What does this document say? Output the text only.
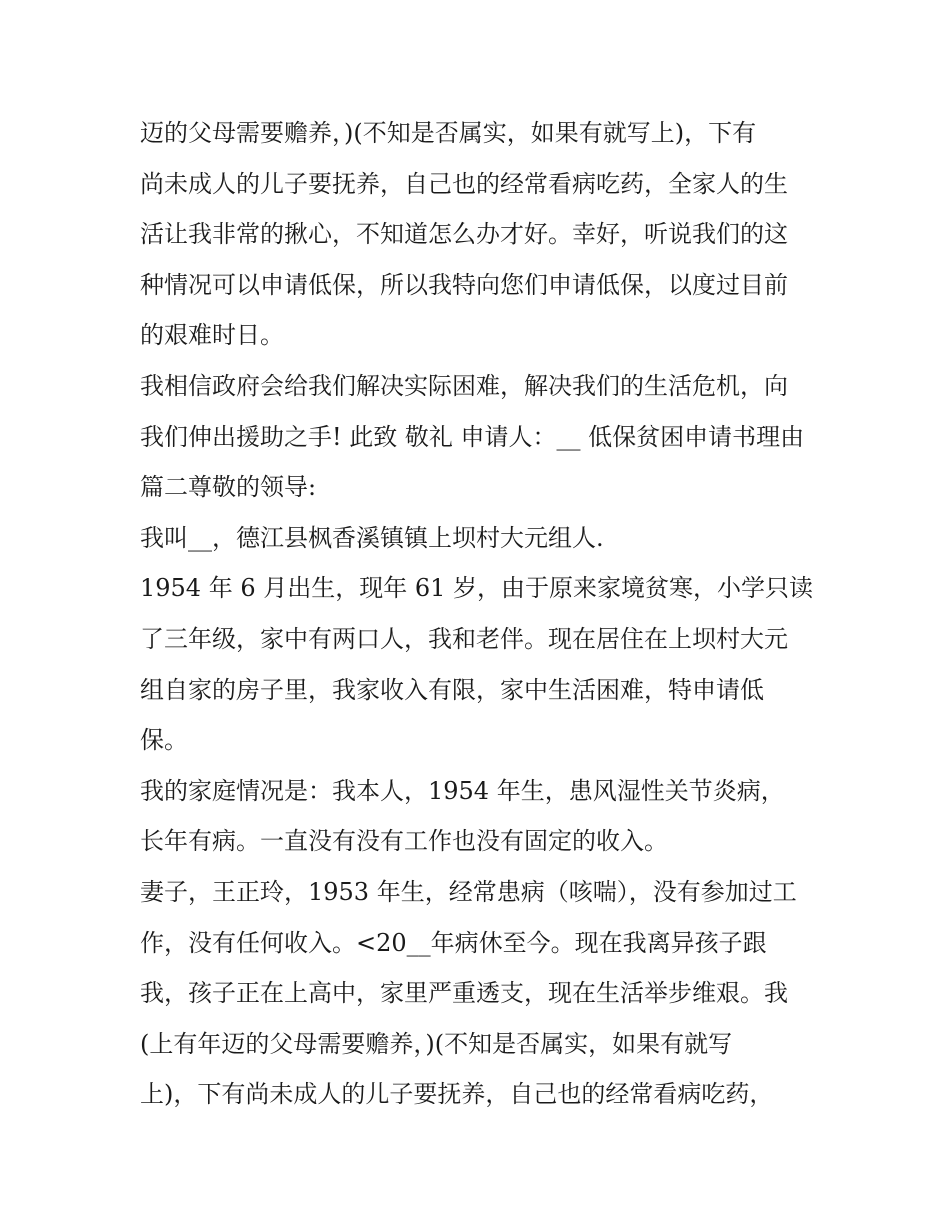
迈的父母需要赡养，)(不知是否属实，如果有就写上)，下有
尚未成人的儿子要抚养，自己也的经常看病吃药，全家人的生
活让我非常的揪心，不知道怎么办才好。幸好，听说我们的这
种情况可以申请低保，所以我特向您们申请低保，以度过目前
的艰难时日。
我相信政府会给我们解决实际困难，解决我们的生活危机，向
我们伸出援助之手! 此致 敬礼 申请人：__ 低保贫困申请书理由
篇二尊敬的领导:
我叫__，德江县枫香溪镇镇上坝村大元组人.
1954 年 6 月出生，现年 61 岁，由于原来家境贫寒，小学只读
了三年级，家中有两口人，我和老伴。现在居住在上坝村大元
组自家的房子里，我家收入有限，家中生活困难，特申请低
保。
我的家庭情况是：我本人，1954 年生，患风湿性关节炎病，
长年有病。一直没有没有工作也没有固定的收入。
妻子，王正玲，1953 年生，经常患病（咳喘），没有参加过工
作，没有任何收入。<20__年病休至今。现在我离异孩子跟
我，孩子正在上高中，家里严重透支，现在生活举步维艰。我
(上有年迈的父母需要赡养，)(不知是否属实，如果有就写
上)，下有尚未成人的儿子要抚养，自己也的经常看病吃药，
